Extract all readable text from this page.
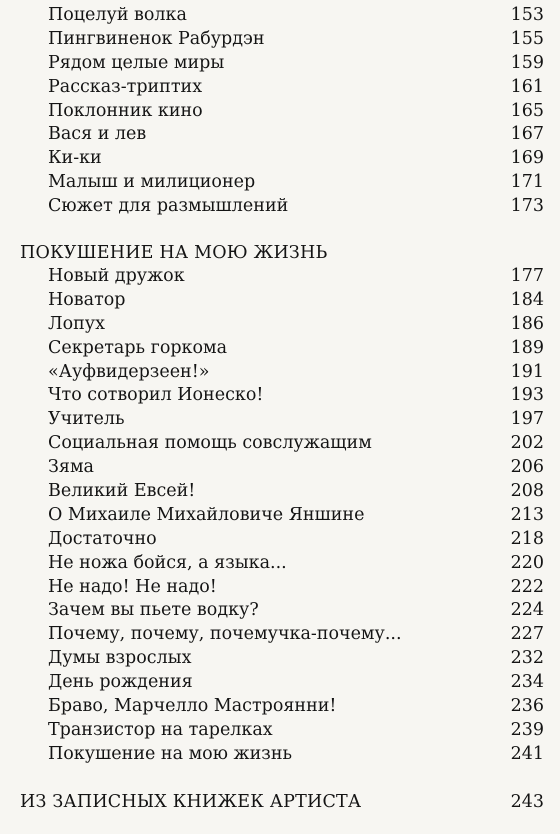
Поцелуй волка	153
Пингвиненок Рабурдэн	155
Рядом целые миры	159
Рассказ-триптих	161
Поклонник кино	165
Вася и лев	167
Ки-ки	169
Малыш и милиционер	171
Сюжет для размышлений	173
ПОКУШЕНИЕ НА МОЮ ЖИЗНЬ
Новый дружок	177
Новатор	184
Лопух	186
Секретарь горкома	189
«Ауфвидерзеен!»	191
Что сотворил Ионеско!	193
Учитель	197
Социальная помощь совслужащим	202
Зяма	206
Великий Евсей!	208
О Михаиле Михайловиче Яншине	213
Достаточно	218
Не ножа бойся, а языка...	220
Не надо! Не надо!	222
Зачем вы пьете водку?	224
Почему, почему, почемучка-почему...	227
Думы взрослых	232
День рождения	234
Браво, Марчелло Мастроянни!	236
Транзистор на тарелках	239
Покушение на мою жизнь	241
ИЗ ЗАПИСНЫХ КНИЖЕК АРТИСТА	243
